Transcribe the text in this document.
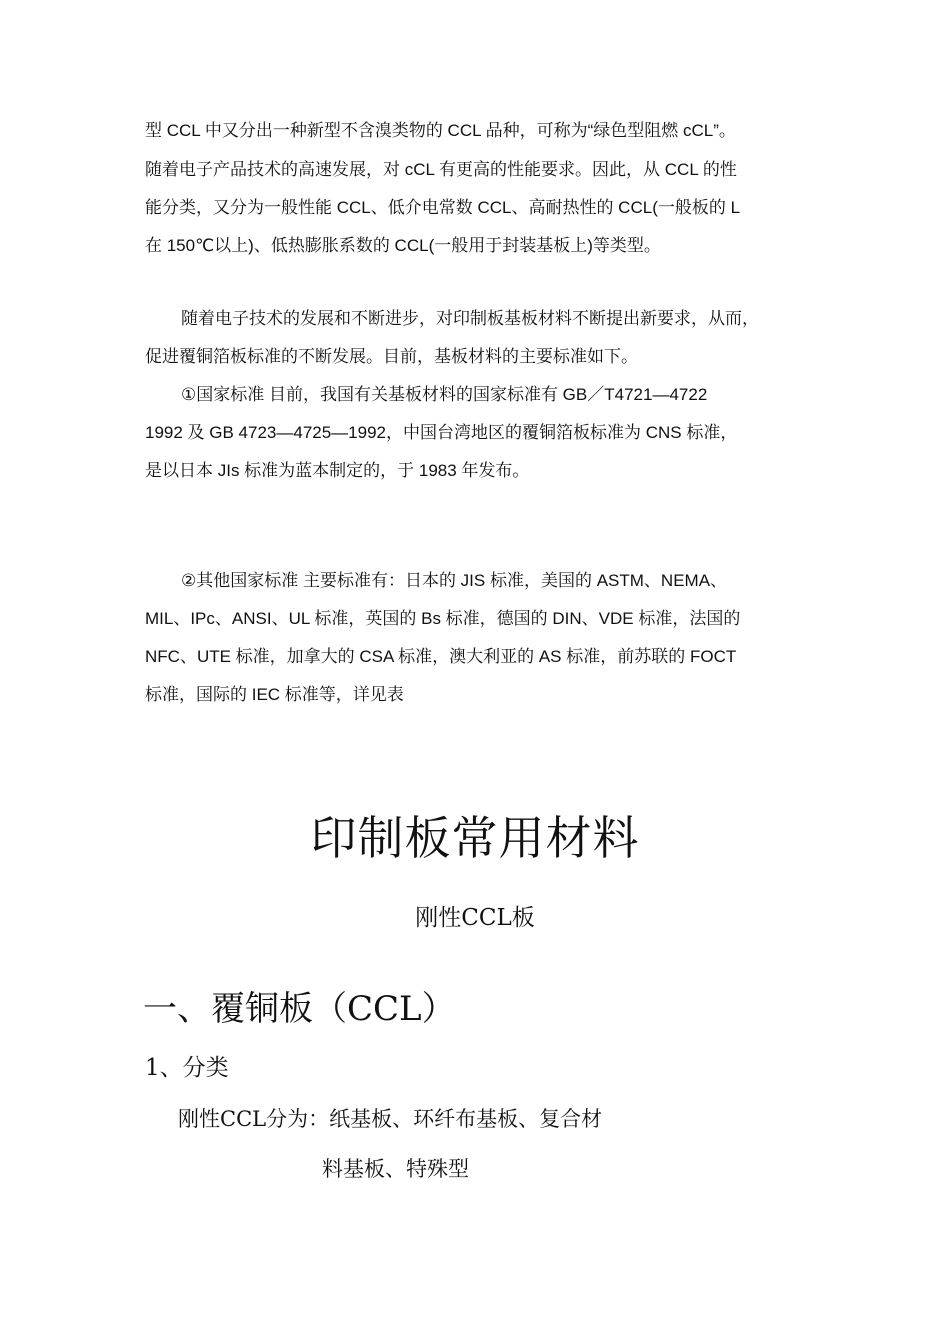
型 CCL 中又分出一种新型不含溴类物的 CCL 品种，可称为“绿色型阻燃 cCL”。
随着电子产品技术的高速发展，对 cCL 有更高的性能要求。因此，从 CCL 的性
能分类，又分为一般性能 CCL、低介电常数 CCL、高耐热性的 CCL(一般板的 L
在 150℃以上)、低热膨胀系数的 CCL(一般用于封装基板上)等类型。
随着电子技术的发展和不断进步，对印制板基板材料不断提出新要求，从而，
促进覆铜箔板标准的不断发展。目前，基板材料的主要标准如下。
①国家标准 目前，我国有关基板材料的国家标准有 GB／T4721—4722
1992 及 GB 4723—4725—1992，中国台湾地区的覆铜箔板标准为 CNS 标准，
是以日本 JIs 标准为蓝本制定的，于 1983 年发布。
②其他国家标准 主要标准有：日本的 JIS 标准，美国的 ASTM、NEMA、
MIL、IPc、ANSI、UL 标准，英国的 Bs 标准，德国的 DIN、VDE 标准，法国的
NFC、UTE 标准，加拿大的 CSA 标准，澳大利亚的 AS 标准，前苏联的 FOCT
标准，国际的 IEC 标准等，详见表
印制板常用材料
刚性CCL板
一、覆铜板（CCL）
1、分类
刚性CCL分为：纸基板、环纤布基板、复合材
料基板、特殊型
